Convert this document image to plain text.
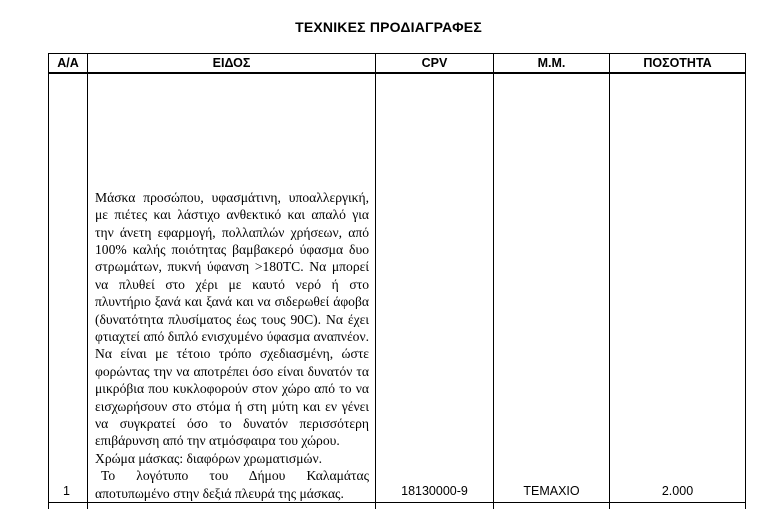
ΤΕΧΝΙΚΕΣ ΠΡΟΔΙΑΓΡΑΦΕΣ
Α/Α	ΕΙΔΟΣ	CPV	Μ.Μ.	ΠΟΣΟΤΗΤΑ
1	Μάσκα προσώπου, υφασμάτινη, υποαλλεργική, με πιέτες και λάστιχο ανθεκτικό και απαλό για την άνετη εφαρμογή, πολλαπλών χρήσεων, από 100% καλής ποιότητας βαμβακερό ύφασμα δυο στρωμάτων, πυκνή ύφανση >180TC. Να μπορεί να πλυθεί στο χέρι με καυτό νερό ή στο πλυντήριο ξανά και ξανά και να σιδερωθεί άφοβα (δυνατότητα πλυσίματος έως τους 90C). Να έχει φτιαχτεί από διπλό ενισχυμένο ύφασμα αναπνέον. Να είναι με τέτοιο τρόπο σχεδιασμένη, ώστε φορώντας την να αποτρέπει όσο είναι δυνατόν τα μικρόβια που κυκλοφορούν στον χώρο από το να εισχωρήσουν στο στόμα ή στη μύτη και εν γένει να συγκρατεί όσο το δυνατόν περισσότερη επιβάρυνση από την ατμόσφαιρα του χώρου.

Χρώμα μάσκας: διαφόρων χρωματισμών.

Το λογότυπο του Δήμου Καλαμάτας αποτυπωμένο στην δεξιά πλευρά της μάσκας.	18130000-9	ΤΕΜΑΧΙΟ	2.000
